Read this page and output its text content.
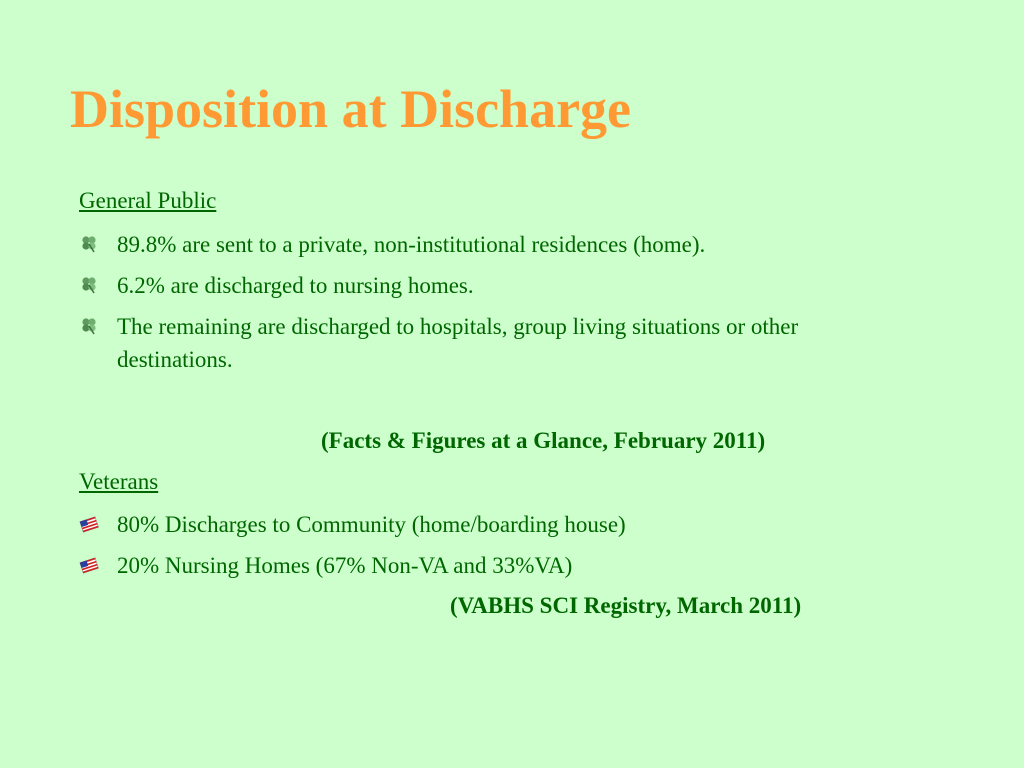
Disposition at Discharge
General Public
89.8% are sent to a private, non-institutional residences (home).
6.2% are discharged to nursing homes.
The remaining are discharged to hospitals, group living situations or other destinations.
(Facts & Figures at a Glance, February 2011)
Veterans
80% Discharges to Community (home/boarding house)
20% Nursing Homes (67% Non-VA and 33%VA)
(VABHS SCI Registry, March 2011)
